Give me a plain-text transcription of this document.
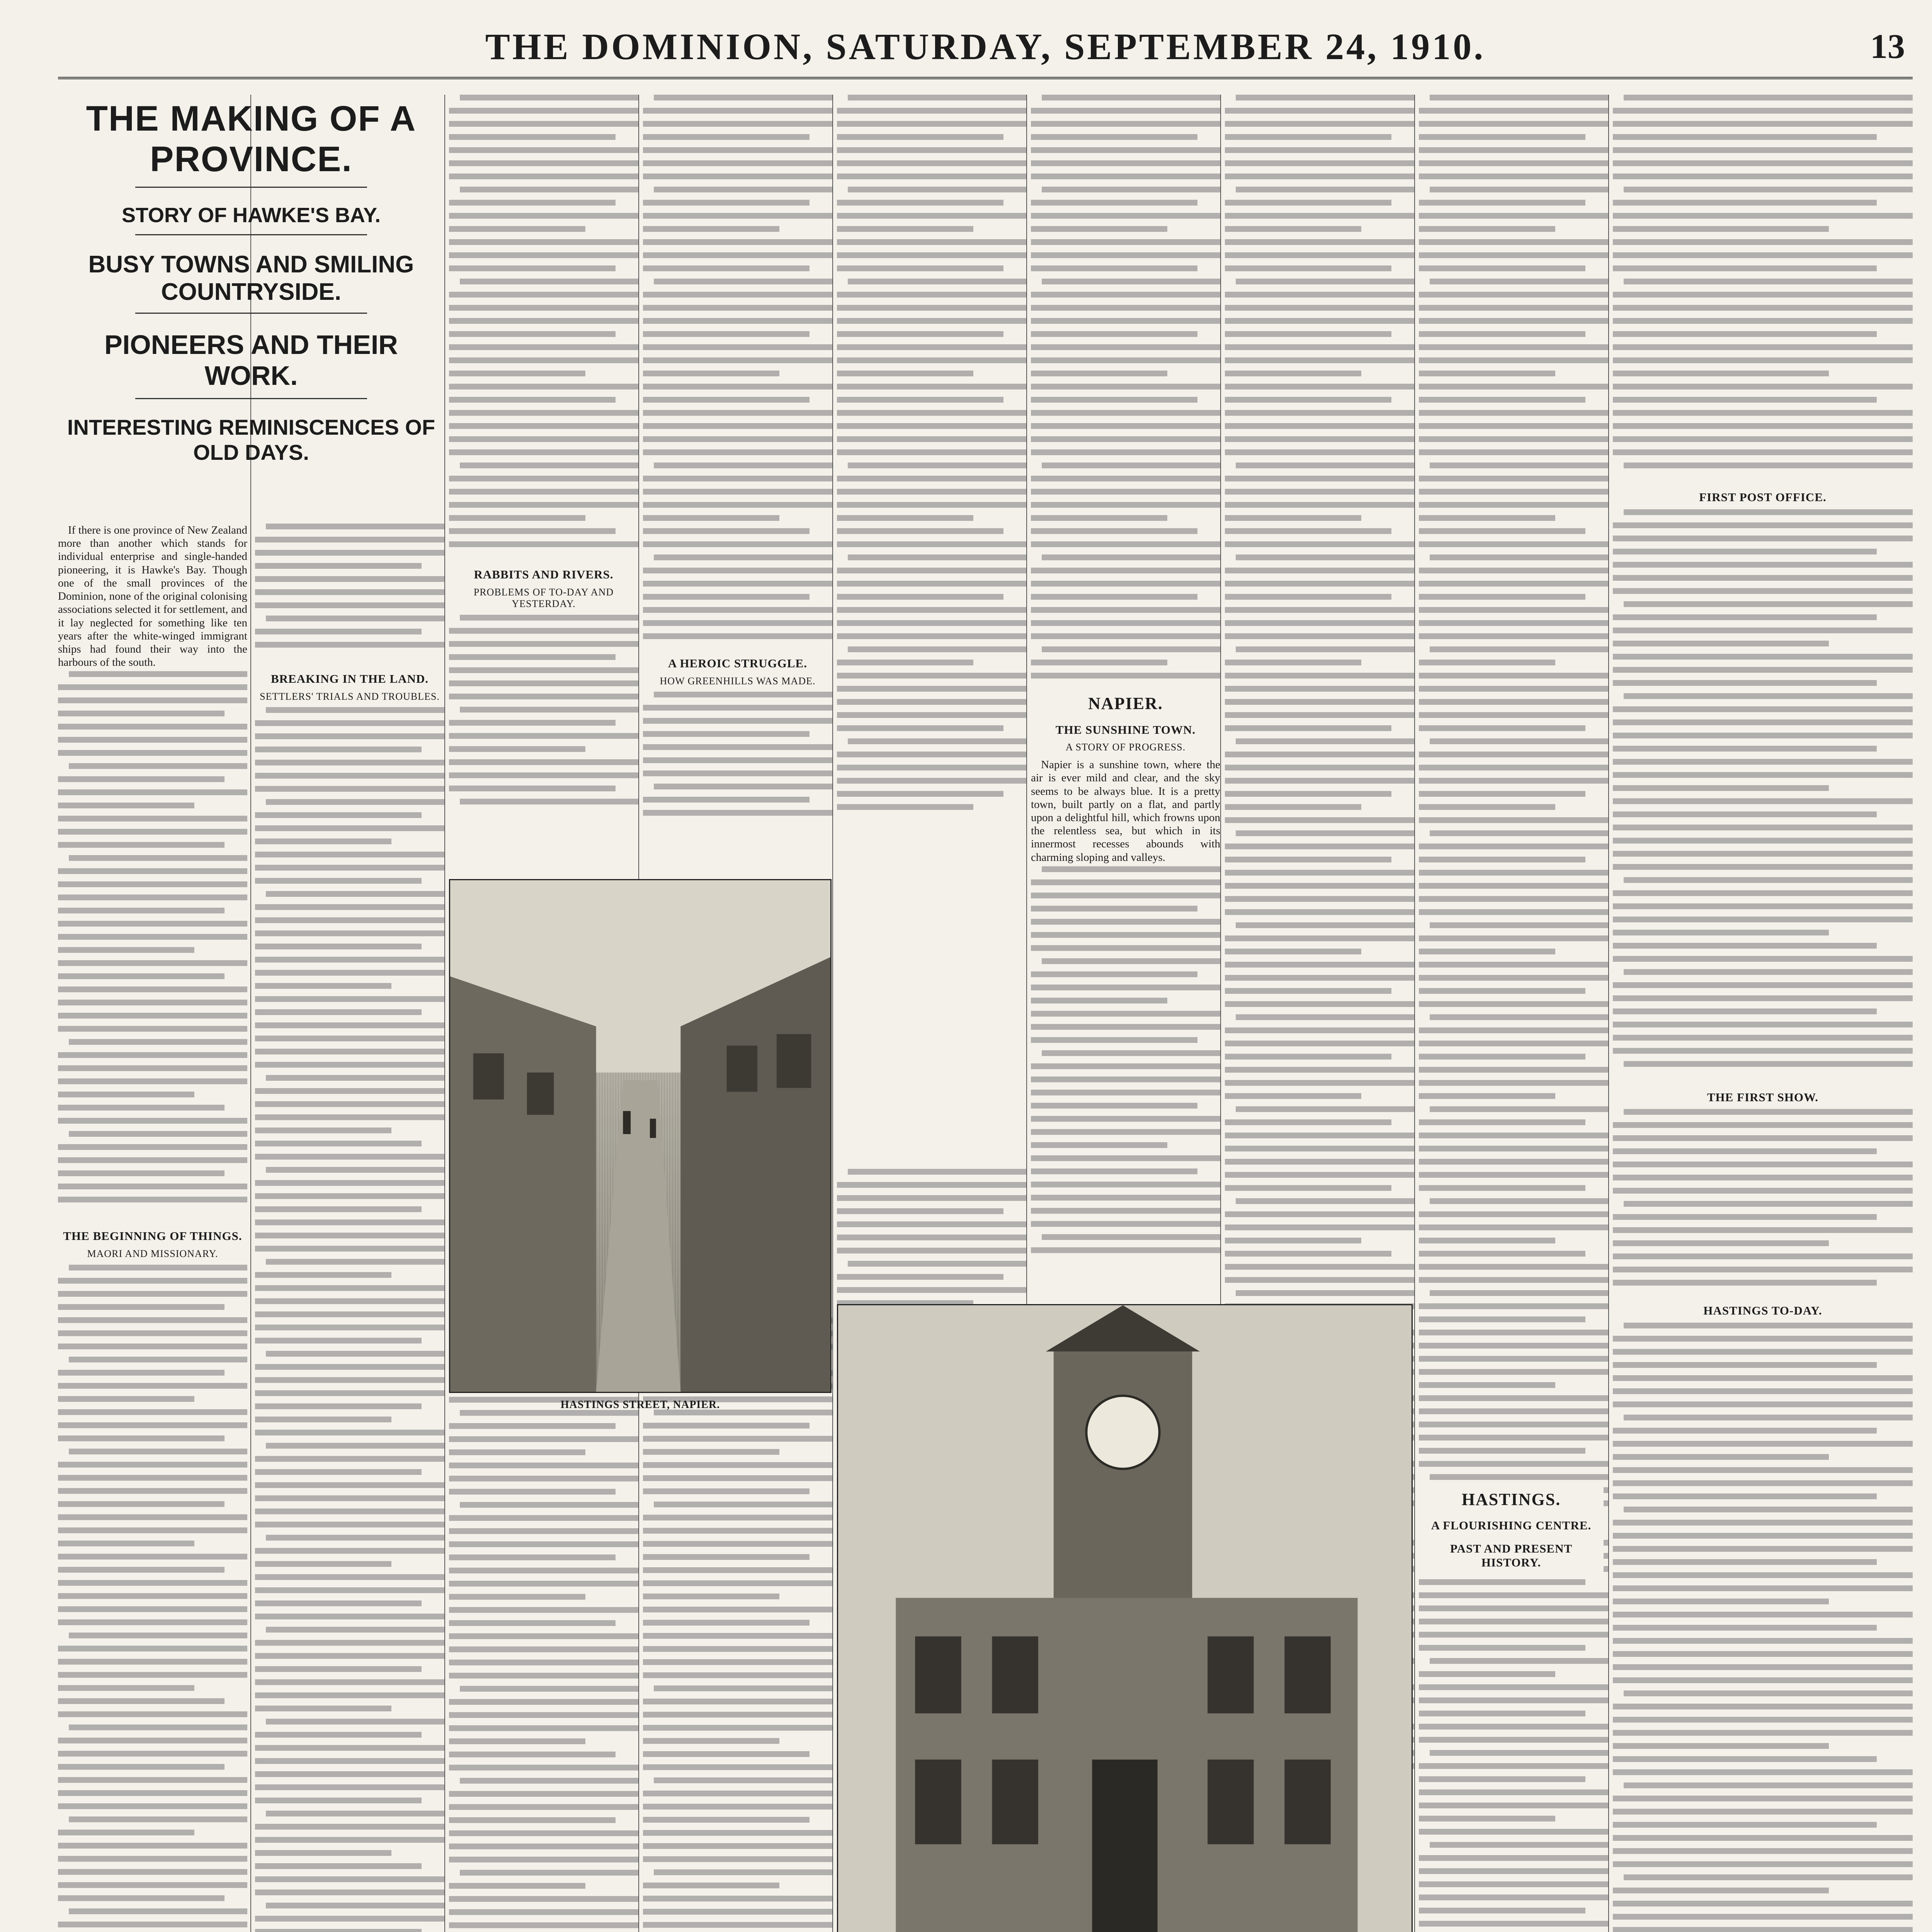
THE DOMINION, SATURDAY, SEPTEMBER 24, 1910.	13
THE MAKING OF A PROVINCE.
STORY OF HAWKE'S BAY.
BUSY TOWNS AND SMILING COUNTRYSIDE.
PIONEERS AND THEIR WORK.
INTERESTING REMINISCENCES OF OLD DAYS.

If there is one province of New Zealand more than another which stands for individual enterprise and single-handed pioneering, it is Hawke's Bay. Though one of the small provinces of the Dominion, none of the original colonising associations selected it for settlement, and it lay neglected for something like ten years after the white-winged immigrant ships had found their way into the harbours of the south.

THE BEGINNING OF THINGS.
MAORI AND MISSIONARY.
BREAKING IN THE LAND.
SETTLERS' TRIALS AND TROUBLES.
RABBITS AND RIVERS.
PROBLEMS OF TO-DAY AND YESTERDAY.
A HEROIC STRUGGLE.
HOW GREENHILLS WAS MADE.
NAPIER.
THE SUNSHINE TOWN.
A STORY OF PROGRESS.

Napier is a sunshine town, where the air is ever mild and clear, and the sky seems to be always blue. It is a pretty town, built partly on a flat, and partly upon a delightful hill, which frowns upon the relentless sea, but which in its innermost recesses abounds with charming sloping and valleys.

FIRST POST OFFICE.
THE FIRST SHOW.
HASTINGS TO-DAY.
HASTINGS.
A FLOURISHING CENTRE.
PAST AND PRESENT HISTORY.
HASTINGS STREET, NAPIER.
